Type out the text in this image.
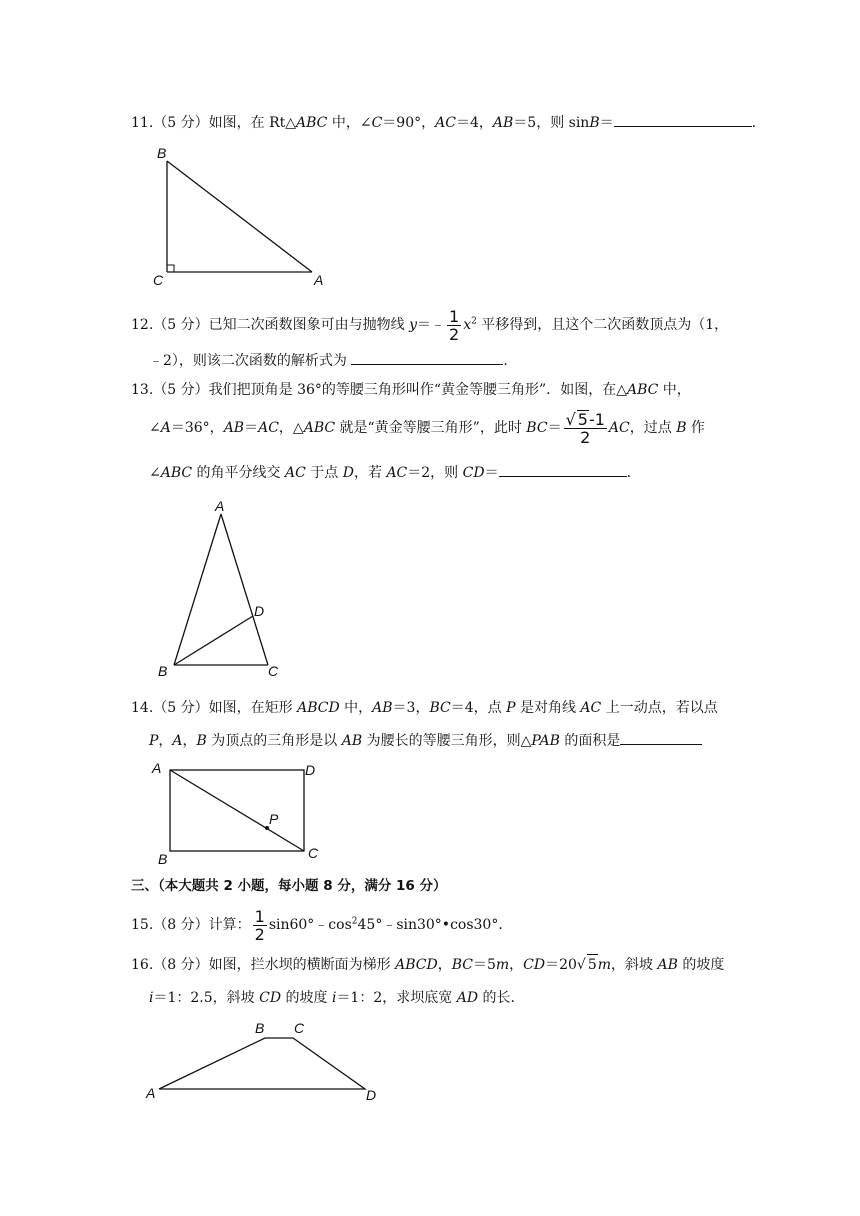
11.（5 分）如图，在 Rt△ABC 中，∠C＝90°，AC＝4，AB＝5，则 sinB＝	.
B
C	A
12.（5 分）已知二次函数图象可由与抛物线 y＝﹣ $\frac{1}{2} x^2$ 平移得到，且这个二次函数顶点为（1，
﹣2），则该二次函数的解析式为	.
13.（5 分）我们把顶角是 36°的等腰三角形叫作“黄金等腰三角形”．如图，在△ABC 中，
∠A＝36°，AB＝AC，△ABC 就是“黄金等腰三角形”，此时 $BC= \frac{√ 5-1}{2}$ AC，过点 B 作
∠ABC 的角平分线交 AC 于点 D，若 AC＝2，则 CD＝	.
A
D
B	C
14.（5 分）如图，在矩形 ABCD 中，AB＝3，BC＝4，点 P 是对角线 AC 上一动点，若以点
P，A，B 为顶点的三角形是以 AB 为腰长的等腰三角形，则△PAB 的面积是
A	D
P
B	C
三、（本大题共 2 小题，每小题 8 分，满分 16 分）
15.（8 分）计算： $\frac{1}{2}$ $\sin 60^\circ﹣\cos^245^\circ﹣\sin 30^\circ•\cos 30^\circ$．
16.（8 分）如图，拦水坝的横断面为梯形 ABCD，BC＝5m，CD＝20√ 5m，斜坡 AB 的坡度
i＝1：2.5，斜坡 CD 的坡度 i＝1：2，求坝底宽 AD 的长．
B C
A	D
